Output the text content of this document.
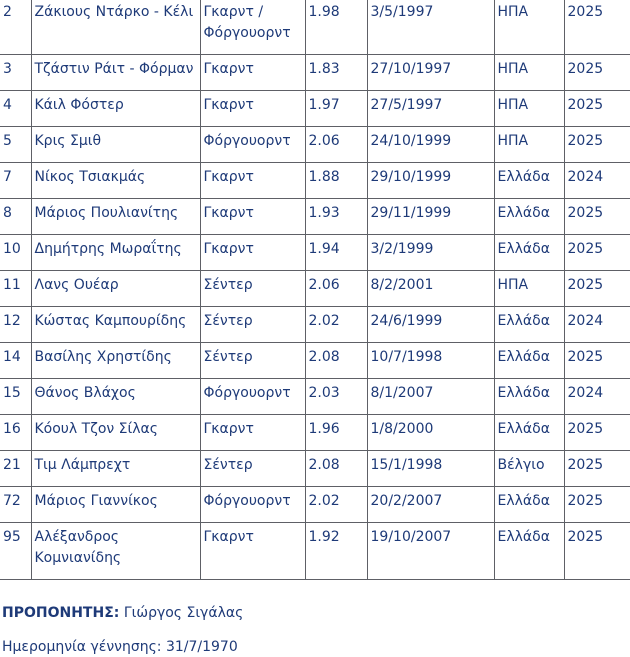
2	Ζάκιους Ντάρκο - Κέλι	Γκαρντ / Φόργουορντ	1.98	3/5/1997	ΗΠΑ	2025
3	Τζάστιν Ράιτ - Φόρμαν	Γκαρντ	1.83	27/10/1997	ΗΠΑ	2025
4	Κάιλ Φόστερ	Γκαρντ	1.97	27/5/1997	ΗΠΑ	2025
5	Κρις Σμιθ	Φόργουορντ	2.06	24/10/1999	ΗΠΑ	2025
7	Νίκος Τσιακμάς	Γκαρντ	1.88	29/10/1999	Ελλάδα	2024
8	Μάριος Πουλιανίτης	Γκαρντ	1.93	29/11/1999	Ελλάδα	2025
10	Δημήτρης Μωραΐτης	Γκαρντ	1.94	3/2/1999	Ελλάδα	2025
11	Λανς Ουέαρ	Σέντερ	2.06	8/2/2001	ΗΠΑ	2025
12	Κώστας Καμπουρίδης	Σέντερ	2.02	24/6/1999	Ελλάδα	2024
14	Βασίλης Χρηστίδης	Σέντερ	2.08	10/7/1998	Ελλάδα	2025
15	Θάνος Βλάχος	Φόργουορντ	2.03	8/1/2007	Ελλάδα	2024
16	Κόουλ Τζον Σίλας	Γκαρντ	1.96	1/8/2000	Ελλάδα	2025
21	Τιμ Λάμπρεχτ	Σέντερ	2.08	15/1/1998	Βέλγιο	2025
72	Μάριος Γιαννίκος	Φόργουορντ	2.02	20/2/2007	Ελλάδα	2025
95	Αλέξανδρος Κομνιανίδης	Γκαρντ	1.92	19/10/2007	Ελλάδα	2025

ΠΡΟΠΟΝΗΤΗΣ: Γιώργος Σιγάλας

Ημερομηνία γέννησης: 31/7/1970
